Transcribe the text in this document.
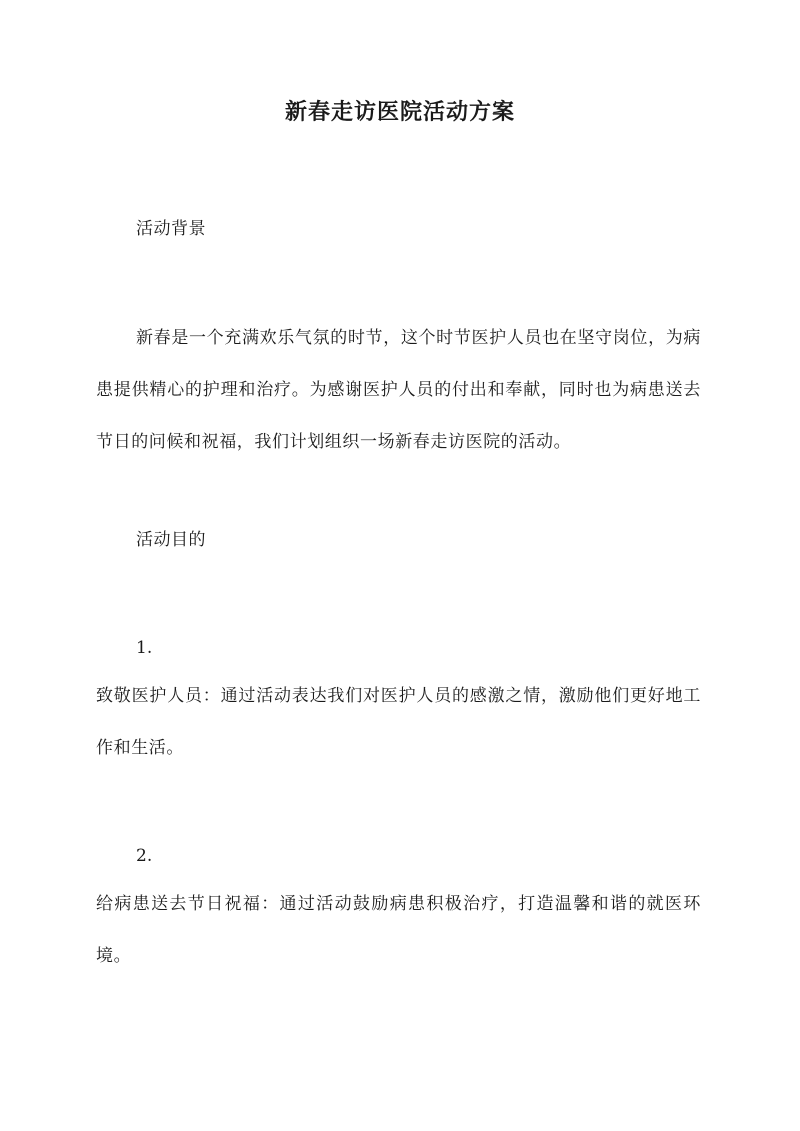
新春走访医院活动方案
活动背景
新春是一个充满欢乐气氛的时节，这个时节医护人员也在坚守岗位，为病患提供精心的护理和治疗。为感谢医护人员的付出和奉献，同时也为病患送去节日的问候和祝福，我们计划组织一场新春走访医院的活动。
活动目的
1.
致敬医护人员：通过活动表达我们对医护人员的感激之情，激励他们更好地工作和生活。
2.
给病患送去节日祝福：通过活动鼓励病患积极治疗，打造温馨和谐的就医环境。
